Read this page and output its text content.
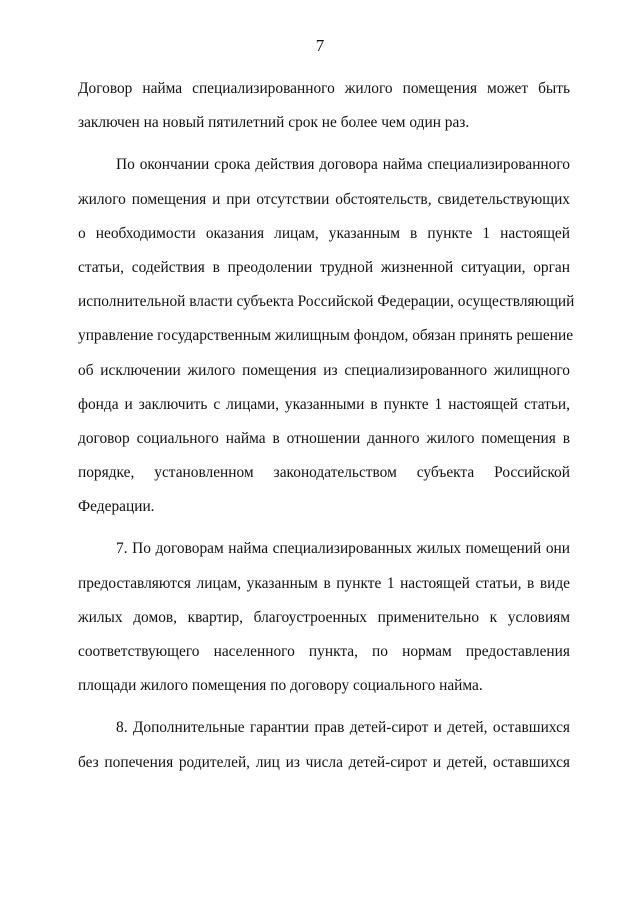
7
Договор найма специализированного жилого помещения может быть
заключен на новый пятилетний срок не более чем один раз.
По окончании срока действия договора найма специализированного
жилого помещения и при отсутствии обстоятельств, свидетельствующих
о необходимости оказания лицам, указанным в пункте 1 настоящей
статьи, содействия в преодолении трудной жизненной ситуации, орган
исполнительной власти субъекта Российской Федерации, осуществляющий
управление государственным жилищным фондом, обязан принять решение
об исключении жилого помещения из специализированного жилищного
фонда и заключить с лицами, указанными в пункте 1 настоящей статьи,
договор социального найма в отношении данного жилого помещения в
порядке, установленном законодательством субъекта Российской
Федерации.
7. По договорам найма специализированных жилых помещений они
предоставляются лицам, указанным в пункте 1 настоящей статьи, в виде
жилых домов, квартир, благоустроенных применительно к условиям
соответствующего населенного пункта, по нормам предоставления
площади жилого помещения по договору социального найма.
8. Дополнительные гарантии прав детей-сирот и детей, оставшихся
без попечения родителей, лиц из числа детей-сирот и детей, оставшихся
